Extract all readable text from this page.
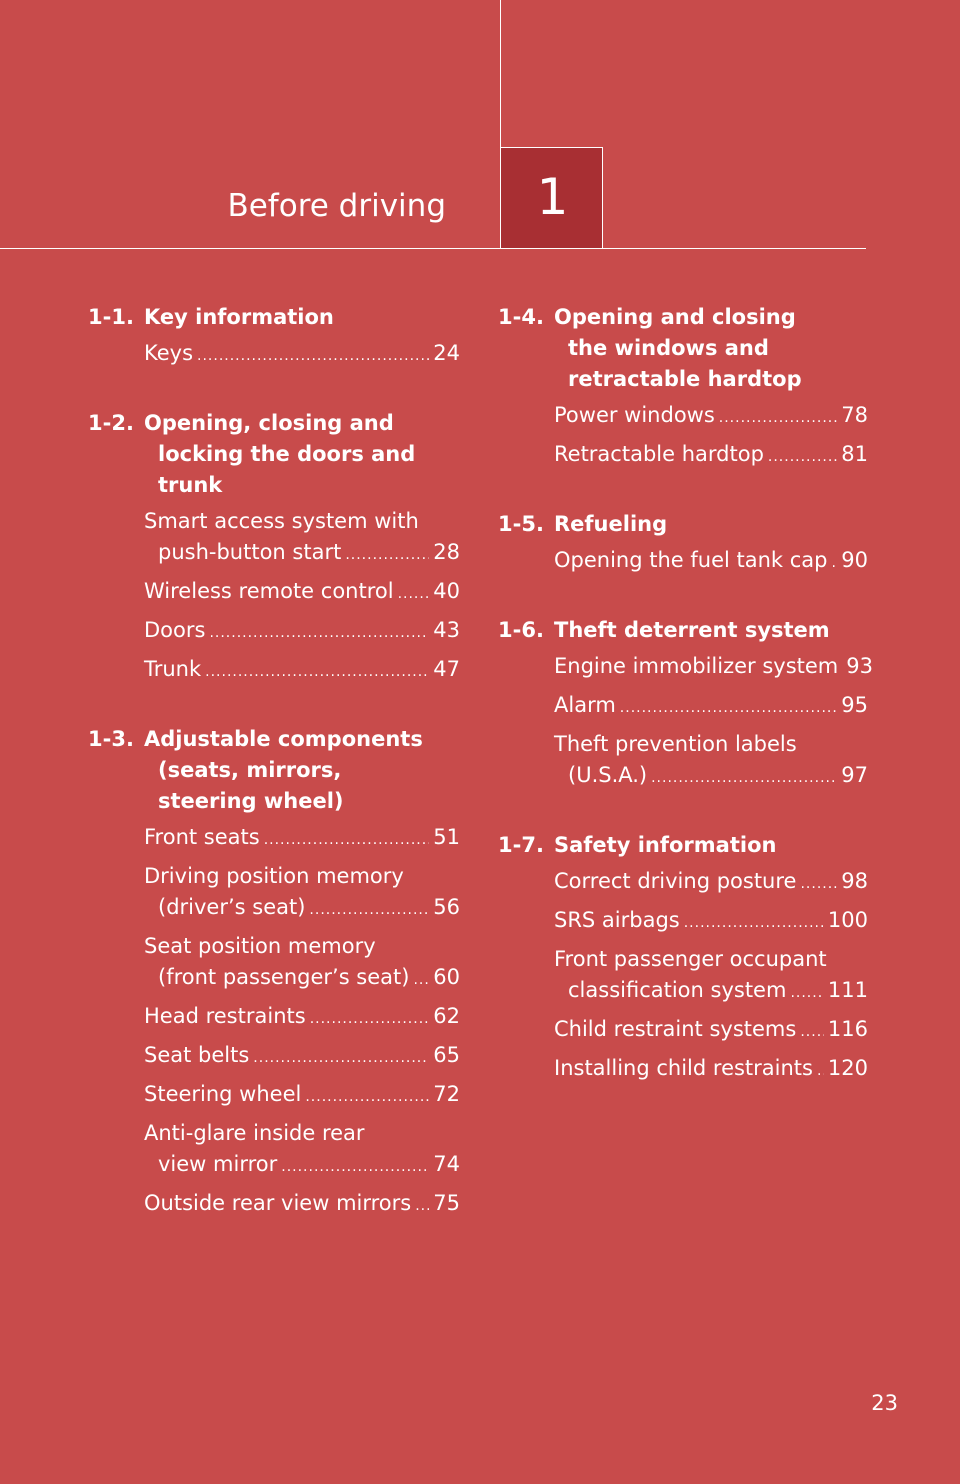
Before driving 1
1-1. Key information
Keys .....	24
1-2. Opening, closing and
locking the doors and
trunk
Smart access system with
push-button start .....	28
Wireless remote control ..... 40
Doors .....	43
Trunk .....	47
1-3. Adjustable components
(seats, mirrors,
steering wheel)
Front seats .....	51
Driving position memory
(driver’s seat) .....	56
Seat position memory
(front passenger’s seat) ..... 60
Head restraints .....	62
Seat belts .....	65
Steering wheel .....	72
Anti-glare inside rear
view mirror .....	74
Outside rear view mirrors ..... 75
1-4. Opening and closing
the windows and
retractable hardtop
Power windows .....	78
Retractable hardtop .....	81
1-5. Refueling
Opening the fuel tank cap ..... 90
1-6. Theft deterrent system
Engine immobilizer system 93
Alarm .....	95
Theft prevention labels
(U.S.A.) .....	97
1-7. Safety information
Correct driving posture ..... 98
SRS airbags .....	100
Front passenger occupant
classification system ..... 111
Child restraint systems ..... 116
Installing child restraints ..... 120
23
